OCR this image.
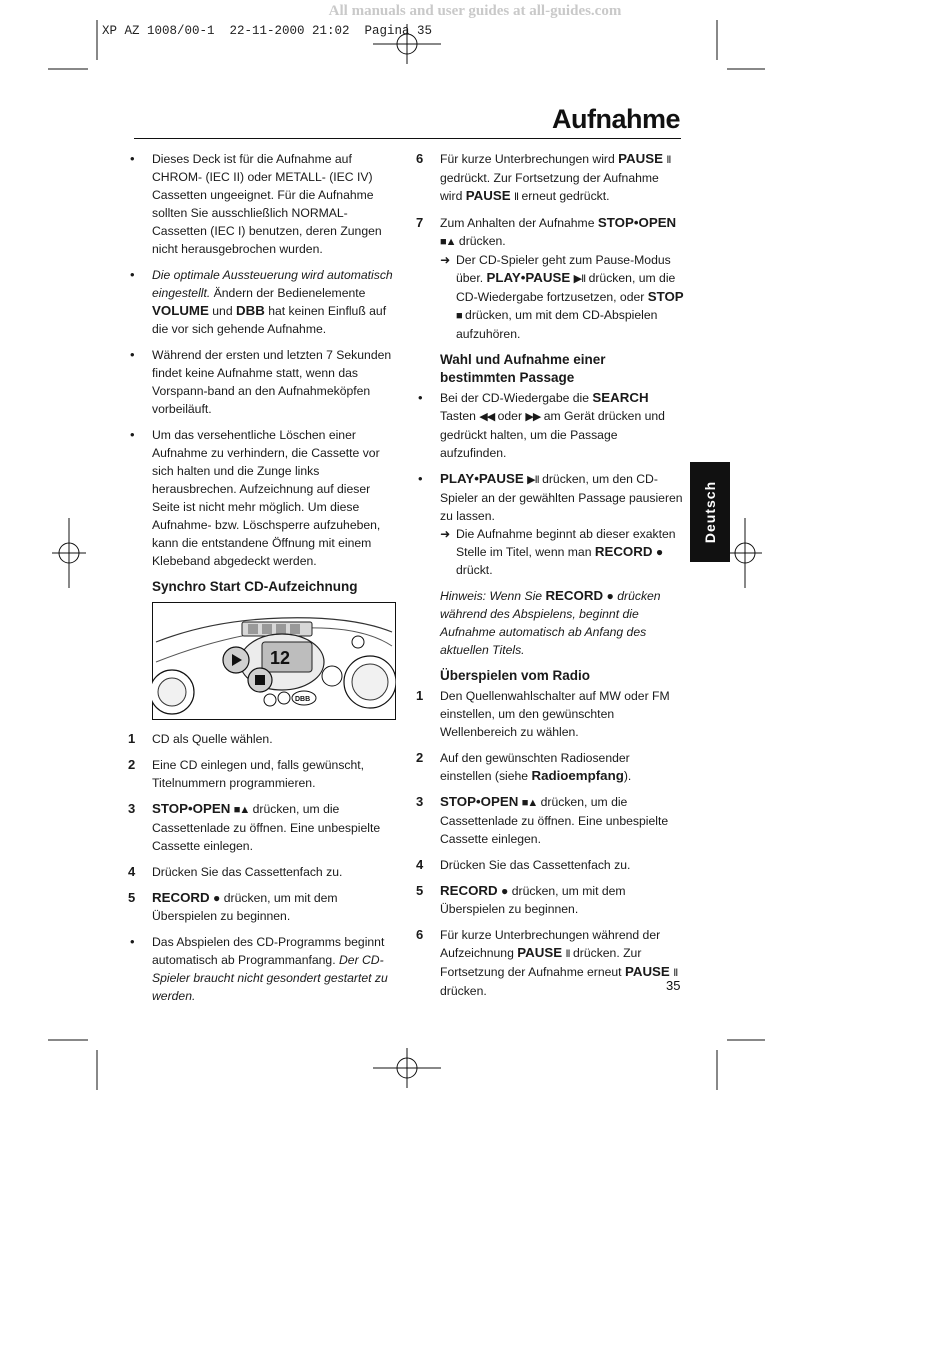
All manuals and user guides at all-guides.com
XP AZ 1008/00-1  22-11-2000 21:02  Pagina 35
Aufnahme
• Dieses Deck ist für die Aufnahme auf CHROM- (IEC II) oder METALL- (IEC IV) Cassetten ungeeignet. Für die Aufnahme sollten Sie ausschließlich NORMAL-Cassetten (IEC I) benutzen, deren Zungen nicht herausgebrochen wurden.
• Die optimale Aussteuerung wird automatisch eingestellt. Ändern der Bedienelemente VOLUME und DBB hat keinen Einfluß auf die vor sich gehende Aufnahme.
• Während der ersten und letzten 7 Sekunden findet keine Aufnahme statt, wenn das Vorspann-band an den Aufnahmeköpfen vorbeiläuft.
• Um das versehentliche Löschen einer Aufnahme zu verhindern, die Cassette vor sich halten und die Zunge links herausbrechen. Aufzeichnung auf dieser Seite ist nicht mehr möglich. Um diese Aufnahme- bzw. Löschsperre aufzuheben, kann die entstandene Öffnung mit einem Klebeband abgedeckt werden.
Synchro Start CD-Aufzeichnung
12
DBB
1 CD als Quelle wählen.
2 Eine CD einlegen und, falls gewünscht, Titelnummern programmieren.
3 STOP•OPEN ■▲ drücken, um die Cassettenlade zu öffnen. Eine unbespielte Cassette einlegen.
4 Drücken Sie das Cassettenfach zu.
5 RECORD ● drücken, um mit dem Überspielen zu beginnen.
• Das Abspielen des CD-Programms beginnt automatisch ab Programmanfang. Der CD-Spieler braucht nicht gesondert gestartet zu werden.
6 Für kurze Unterbrechungen wird PAUSE II gedrückt. Zur Fortsetzung der Aufnahme wird PAUSE II erneut gedrückt.
7 Zum Anhalten der Aufnahme STOP•OPEN ■▲ drücken.
➜ Der CD-Spieler geht zum Pause-Modus über. PLAY•PAUSE ▶II drücken, um die CD-Wiedergabe fortzusetzen, oder STOP ■ drücken, um mit dem CD-Abspielen aufzuhören.
Wahl und Aufnahme einer bestimmten Passage
• Bei der CD-Wiedergabe die SEARCH Tasten ◀◀ oder ▶▶ am Gerät drücken und gedrückt halten, um die Passage aufzufinden.
• PLAY•PAUSE ▶II drücken, um den CD-Spieler an der gewählten Passage pausieren zu lassen.
➜ Die Aufnahme beginnt ab dieser exakten Stelle im Titel, wenn man RECORD ● drückt.
Hinweis: Wenn Sie RECORD ● drücken während des Abspielens, beginnt die Aufnahme automatisch ab Anfang des aktuellen Titels.
Überspielen vom Radio
1 Den Quellenwahlschalter auf MW oder FM einstellen, um den gewünschten Wellenbereich zu wählen.
2 Auf den gewünschten Radiosender einstellen (siehe Radioempfang).
3 STOP•OPEN ■▲ drücken, um die Cassettenlade zu öffnen. Eine unbespielte Cassette einlegen.
4 Drücken Sie das Cassettenfach zu.
5 RECORD ● drücken, um mit dem Überspielen zu beginnen.
6 Für kurze Unterbrechungen während der Aufzeichnung PAUSE II drücken. Zur Fortsetzung der Aufnahme erneut PAUSE II drücken.
Deutsch
35
